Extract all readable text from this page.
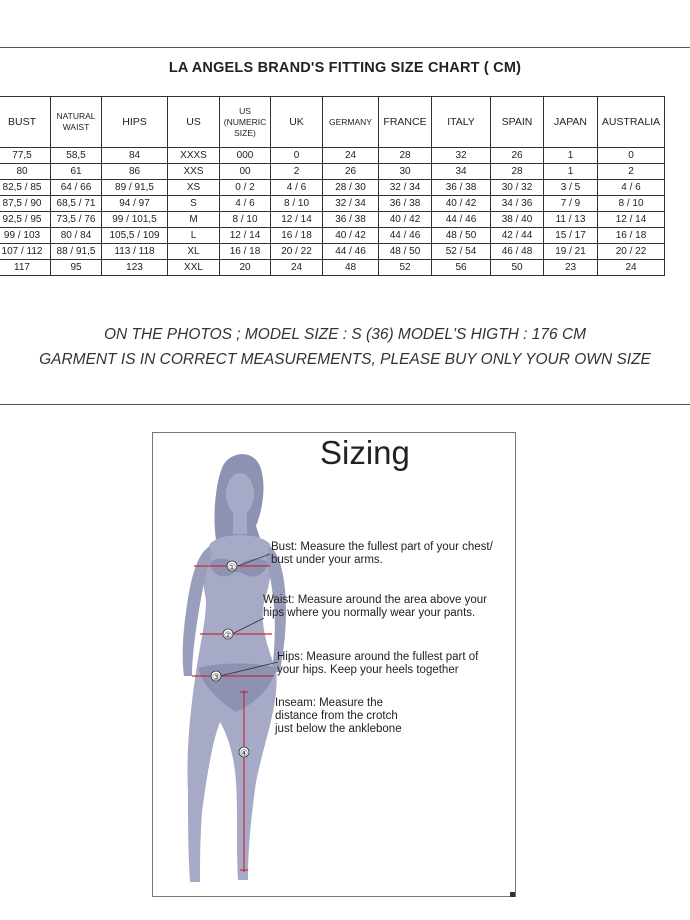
LA ANGELS BRAND'S FITTING SIZE CHART ( CM)
BUST	NATURAL WAIST	HIPS	US	US (NUMERIC SIZE)	UK	GERMANY	FRANCE	ITALY	SPAIN	JAPAN	AUSTRALIA
77,5	58,5	84	XXXS	000	0	24	28	32	26	1	0
80	61	86	XXS	00	2	26	30	34	28	1	2
82,5 / 85	64 / 66	89 / 91,5	XS	0 / 2	4 / 6	28 / 30	32 / 34	36 / 38	30 / 32	3 / 5	4 / 6
87,5 / 90	68,5 / 71	94 / 97	S	4 / 6	8 / 10	32 / 34	36 / 38	40 / 42	34 / 36	7 / 9	8 / 10
92,5 / 95	73,5 / 76	99 / 101,5	M	8 / 10	12 / 14	36 / 38	40 / 42	44 / 46	38 / 40	11 / 13	12 / 14
99 / 103	80 / 84	105,5 / 109	L	12 / 14	16 / 18	40 / 42	44 / 46	48 / 50	42 / 44	15 / 17	16 / 18
107 / 112	88 / 91,5	113 / 118	XL	16 / 18	20 / 22	44 / 46	48 / 50	52 / 54	46 / 48	19 / 21	20 / 22
117	95	123	XXL	20	24	48	52	56	50	23	24
ON THE PHOTOS ; MODEL SIZE : S (36) MODEL'S HIGTH : 176 CM
GARMENT IS IN CORRECT MEASUREMENTS, PLEASE BUY ONLY YOUR OWN SIZE
Sizing
①
②
③
④
Bust: Measure the fullest part of your chest/ bust under your arms.
Waist: Measure around the area above your hips where you normally wear your pants.
Hips: Measure around the fullest part of your hips. Keep your heels together
Inseam: Measure the distance from the crotch just below the anklebone
